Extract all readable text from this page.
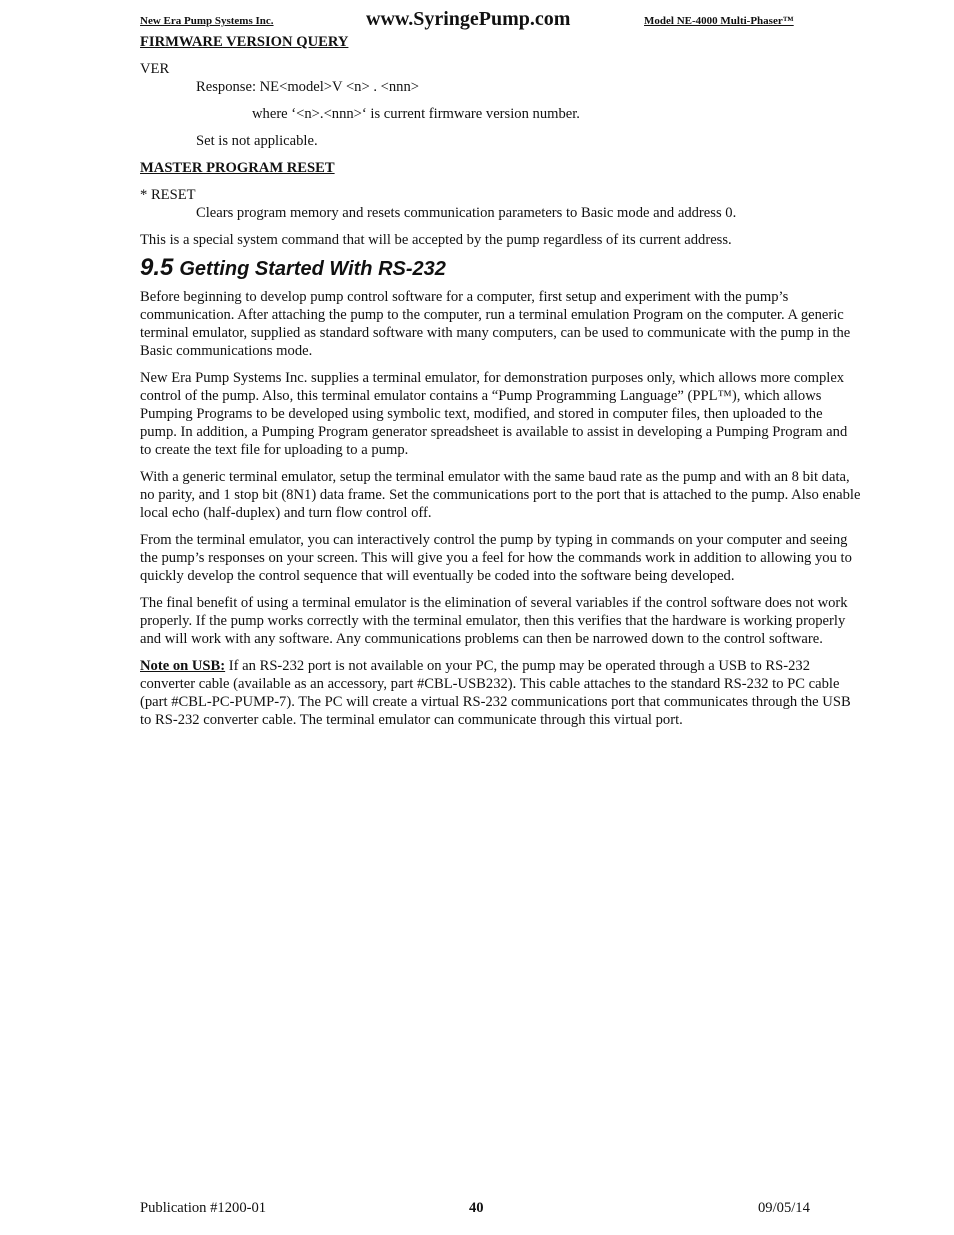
New Era Pump Systems Inc.	www.SyringePump.com	Model NE-4000 Multi-Phaser™
FIRMWARE VERSION QUERY
VER
Response: NE<model>V <n> . <nnn>
where ‘<n>.<nnn>‘ is current firmware version number.
Set is not applicable.
MASTER PROGRAM RESET
* RESET
Clears program memory and resets communication parameters to Basic mode and address 0.
This is a special system command that will be accepted by the pump regardless of its current address.
9.5 Getting Started With RS-232
Before beginning to develop pump control software for a computer, first setup and experiment with the pump’s communication. After attaching the pump to the computer, run a terminal emulation Program on the computer. A generic terminal emulator, supplied as standard software with many computers, can be used to communicate with the pump in the Basic communications mode.
New Era Pump Systems Inc. supplies a terminal emulator, for demonstration purposes only, which allows more complex control of the pump. Also, this terminal emulator contains a “Pump Programming Language” (PPL™), which allows Pumping Programs to be developed using symbolic text, modified, and stored in computer files, then uploaded to the pump. In addition, a Pumping Program generator spreadsheet is available to assist in developing a Pumping Program and to create the text file for uploading to a pump.
With a generic terminal emulator, setup the terminal emulator with the same baud rate as the pump and with an 8 bit data, no parity, and 1 stop bit (8N1) data frame. Set the communications port to the port that is attached to the pump. Also enable local echo (half-duplex) and turn flow control off.
From the terminal emulator, you can interactively control the pump by typing in commands on your computer and seeing the pump’s responses on your screen. This will give you a feel for how the commands work in addition to allowing you to quickly develop the control sequence that will eventually be coded into the software being developed.
The final benefit of using a terminal emulator is the elimination of several variables if the control software does not work properly. If the pump works correctly with the terminal emulator, then this verifies that the hardware is working properly and will work with any software. Any communications problems can then be narrowed down to the control software.
Note on USB: If an RS-232 port is not available on your PC, the pump may be operated through a USB to RS-232 converter cable (available as an accessory, part #CBL-USB232). This cable attaches to the standard RS-232 to PC cable (part #CBL-PC-PUMP-7). The PC will create a virtual RS-232 communications port that communicates through the USB to RS-232 converter cable. The terminal emulator can communicate through this virtual port.
Publication #1200-01	40	09/05/14
